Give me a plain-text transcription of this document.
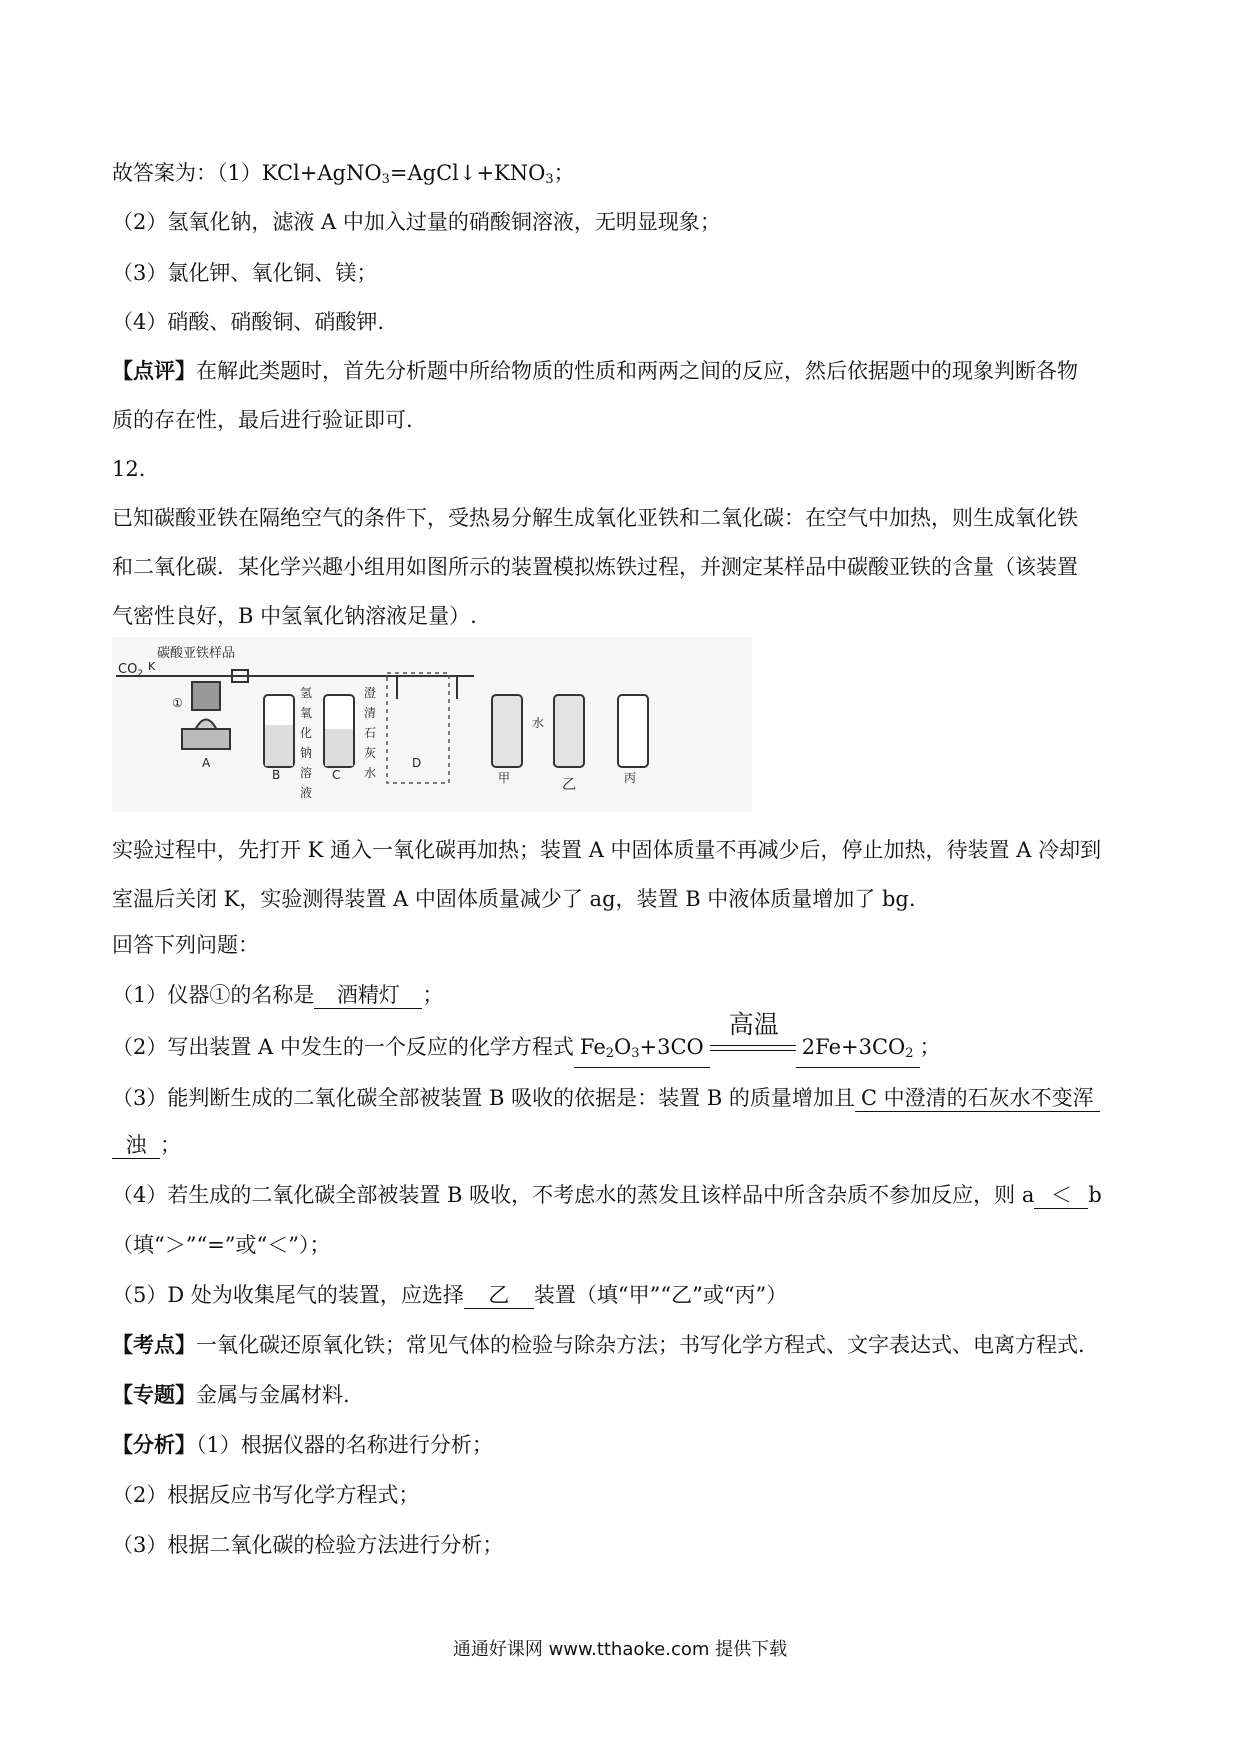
故答案为：$(1)KCl+AgNO_3=AgCl↓+KNO_3$；
（2）氢氧化钠，滤液 A 中加入过量的硝酸铜溶液，无明显现象；
（3）氯化钾、氧化铜、镁；
（4）硝酸、硝酸铜、硝酸钾.
【点评】在解此类题时，首先分析题中所给物质的性质和两两之间的反应，然后依据题中的现象判断各物
质的存在性，最后进行验证即可.
12.
已知碳酸亚铁在隔绝空气的条件下，受热易分解生成氧化亚铁和二氧化碳：在空气中加热，则生成氧化铁
和二氧化碳．某化学兴趣小组用如图所示的装置模拟炼铁过程，并测定某样品中碳酸亚铁的含量（该装置
气密性良好，B 中氢氧化钠溶液足量）.
碳酸亚铁样品
$CO_2$
K
①
A
B
氢氧化钠溶液
C
澄清石灰水
D
甲
水
乙	丙
实验过程中，先打开 K 通入一氧化碳再加热；装置 A 中固体质量不再减少后，停止加热，待装置 A 冷却到
室温后关闭 K，实验测得装置 A 中固体质量减少了 ag，装置 B 中液体质量增加了 bg.
回答下列问题：
（1）仪器①的名称是 酒精灯 ；
（2）写出装置 A 中发生的一个反应的化学方程式 $Fe_2O_3+3CO$
高温
$2Fe+3CO_2$ ；
（3）能判断生成的二氧化碳全部被装置 B 吸收的依据是：装置 B 的质量增加且 C 中澄清的石灰水不变浑
浊 ；
（4）若生成的二氧化碳全部被装置 B 吸收，不考虑水的蒸发且该样品中所含杂质不参加反应，则 a ＜ b
（填“＞”“=”或“＜”）；
（5）D 处为收集尾气的装置，应选择 乙 装置（填“甲”“乙”或“丙”）
【考点】一氧化碳还原氧化铁；常见气体的检验与除杂方法；书写化学方程式、文字表达式、电离方程式.
【专题】金属与金属材料.
【分析】（1）根据仪器的名称进行分析；
（2）根据反应书写化学方程式；
（3）根据二氧化碳的检验方法进行分析；
通通好课网 www.tthaoke.com 提供下载
